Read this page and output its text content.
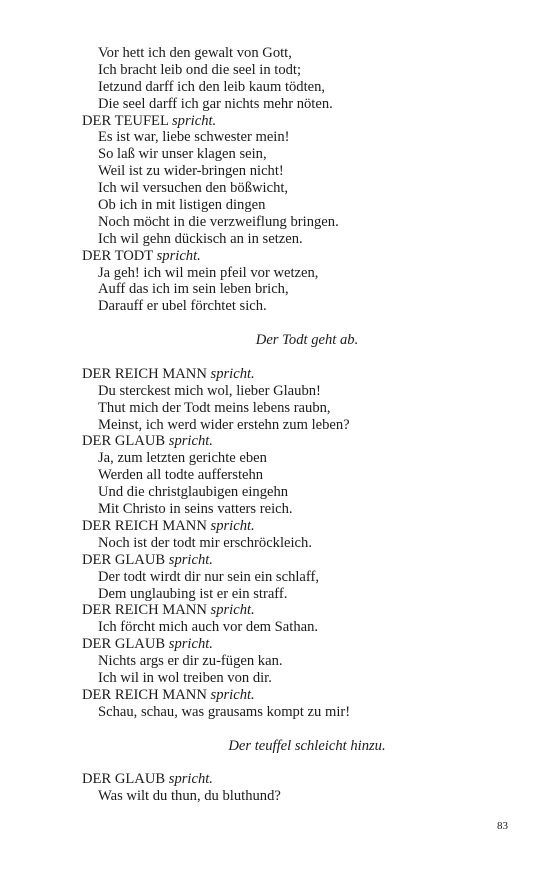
Vor hett ich den gewalt von Gott,
Ich bracht leib ond die seel in todt;
Ietzund darff ich den leib kaum tödten,
Die seel darff ich gar nichts mehr nöten.
DER TEUFEL spricht.
Es ist war, liebe schwester mein!
So laß wir unser klagen sein,
Weil ist zu wider-bringen nicht!
Ich wil versuchen den bößwicht,
Ob ich in mit listigen dingen
Noch möcht in die verzweiflung bringen.
Ich wil gehn dückisch an in setzen.
DER TODT spricht.
Ja geh! ich wil mein pfeil vor wetzen,
Auff das ich im sein leben brich,
Darauff er ubel förchtet sich.
Der Todt geht ab.
DER REICH MANN spricht.
Du sterckest mich wol, lieber Glaubn!
Thut mich der Todt meins lebens raubn,
Meinst, ich werd wider erstehn zum leben?
DER GLAUB spricht.
Ja, zum letzten gerichte eben
Werden all todte aufferstehn
Und die christglaubigen eingehn
Mit Christo in seins vatters reich.
DER REICH MANN spricht.
Noch ist der todt mir erschröckleich.
DER GLAUB spricht.
Der todt wirdt dir nur sein ein schlaff,
Dem unglaubing ist er ein straff.
DER REICH MANN spricht.
Ich förcht mich auch vor dem Sathan.
DER GLAUB spricht.
Nichts args er dir zu-fügen kan.
Ich wil in wol treiben von dir.
DER REICH MANN spricht.
Schau, schau, was grausams kompt zu mir!
Der teuffel schleicht hinzu.
DER GLAUB spricht.
Was wilt du thun, du bluthund?
83
